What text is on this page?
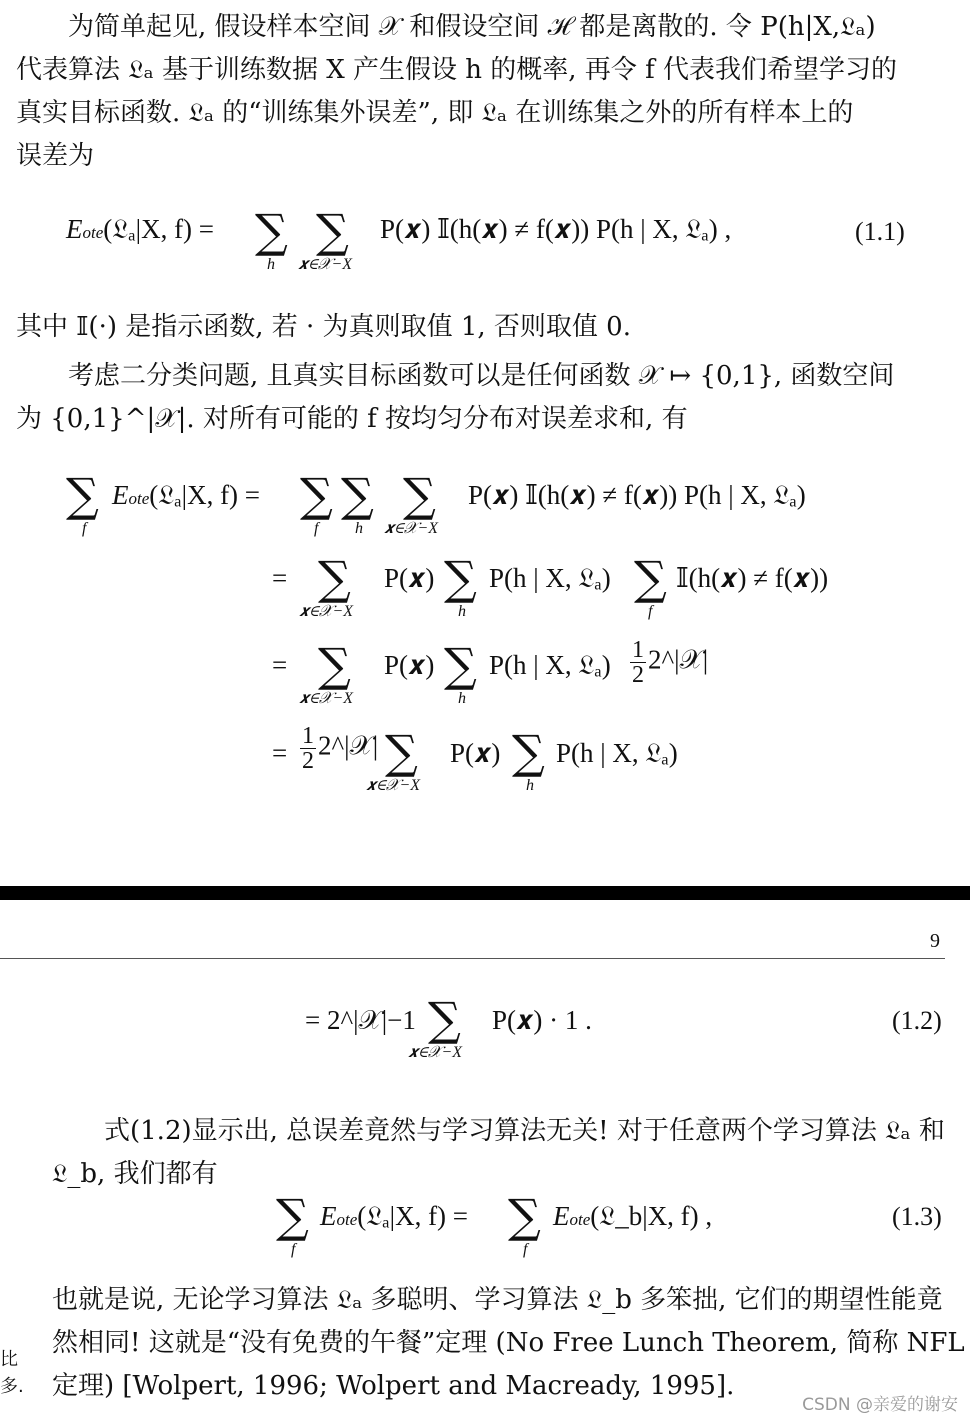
为简单起见, 假设样本空间 𝒳 和假设空间 ℋ 都是离散的. 令 P(h|X,𝔏ₐ)
代表算法 𝔏ₐ 基于训练数据 X 产生假设 h 的概率, 再令 f 代表我们希望学习的
真实目标函数. 𝔏ₐ 的“训练集外误差”, 即 𝔏ₐ 在训练集之外的所有样本上的
误差为
Eote(𝔏ₐ|X, f) = ∑
h
∑
𝒙∈𝒳−X
P(𝒙) 𝕀(h(𝒙) ≠ f(𝒙)) P(h | X, 𝔏ₐ) ,	(1.1)
其中 𝕀(·) 是指示函数, 若 · 为真则取值 1, 否则取值 0.
考虑二分类问题, 且真实目标函数可以是任何函数 𝒳 ↦ {0,1}, 函数空间
为 {0,1}^|𝒳|. 对所有可能的 f 按均匀分布对误差求和, 有
∑
f
Eote(𝔏ₐ|X, f) = ∑
f
∑
h
∑
𝒙∈𝒳−X
P(𝒙) 𝕀(h(𝒙) ≠ f(𝒙)) P(h | X, 𝔏ₐ)
= ∑
𝒙∈𝒳−X
P(𝒙) ∑
h
P(h | X, 𝔏ₐ) ∑
f
𝕀(h(𝒙) ≠ f(𝒙))
= ∑
𝒙∈𝒳−X
P(𝒙) ∑
h
P(h | X, 𝔏ₐ) $\frac{1}{2}$ 2^|𝒳|
= $\frac{1}{2}$ 2^|𝒳| ∑
𝒙∈𝒳−X
P(𝒙) ∑
h
P(h | X, 𝔏ₐ)
9
= 2^|𝒳|−1 ∑
𝒙∈𝒳−X
P(𝒙) · 1 .	(1.2)
式(1.2)显示出, 总误差竟然与学习算法无关! 对于任意两个学习算法 𝔏ₐ 和
𝔏_b, 我们都有
∑
f
Eote(𝔏ₐ|X, f) = ∑
f
Eote(𝔏_b|X, f) ,	(1.3)
也就是说, 无论学习算法 𝔏ₐ 多聪明、学习算法 𝔏_b 多笨拙, 它们的期望性能竟
然相同! 这就是“没有免费的午餐”定理 (No Free Lunch Theorem, 简称 NFL
定理) [Wolpert, 1996; Wolpert and Macready, 1995].
比
多.
CSDN @亲爱的谢安
